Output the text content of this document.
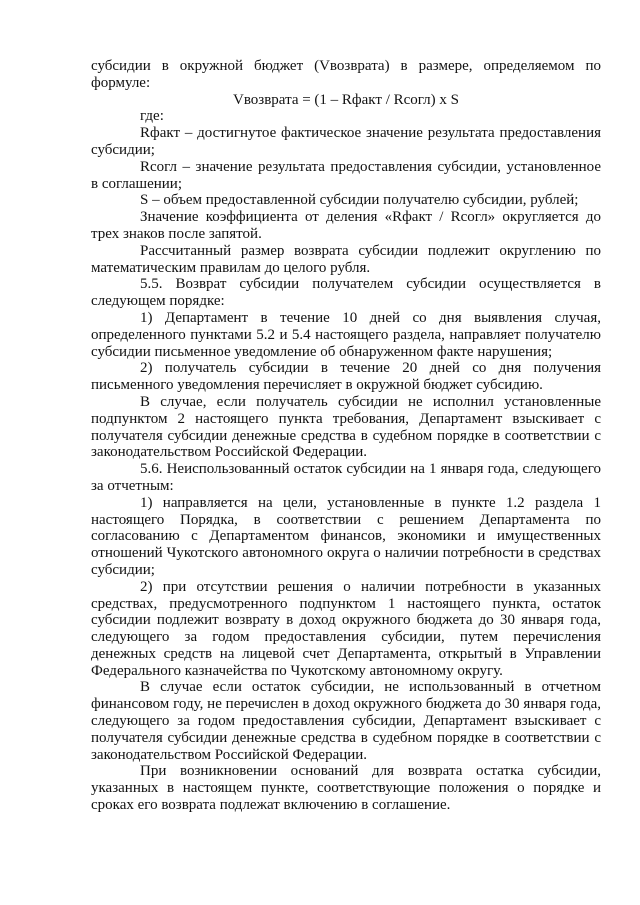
субсидии в окружной бюджет (Vвозврата) в размере, определяемом по формуле:

Vвозврата = (1 – Rфакт / Rсогл) х S

где:

Rфакт – достигнутое фактическое значение результата предоставления субсидии;

Rсогл – значение результата предоставления субсидии, установленное в соглашении;

S – объем предоставленной субсидии получателю субсидии, рублей;

Значение коэффициента от деления «Rфакт / Rсогл» округляется до трех знаков после запятой.

Рассчитанный размер возврата субсидии подлежит округлению по математическим правилам до целого рубля.

5.5. Возврат субсидии получателем субсидии осуществляется в следующем порядке:

1) Департамент в течение 10 дней со дня выявления случая, определенного пунктами 5.2 и 5.4 настоящего раздела, направляет получателю субсидии письменное уведомление об обнаруженном факте нарушения;

2) получатель субсидии в течение 20 дней со дня получения письменного уведомления перечисляет в окружной бюджет субсидию.

В случае, если получатель субсидии не исполнил установленные подпунктом 2 настоящего пункта требования, Департамент взыскивает с получателя субсидии денежные средства в судебном порядке в соответствии с законодательством Российской Федерации.

5.6. Неиспользованный остаток субсидии на 1 января года, следующего за отчетным:

1) направляется на цели, установленные в пункте 1.2 раздела 1 настоящего Порядка, в соответствии с решением Департамента по согласованию с Департаментом финансов, экономики и имущественных отношений Чукотского автономного округа о наличии потребности в средствах субсидии;

2) при отсутствии решения о наличии потребности в указанных средствах, предусмотренного подпунктом 1 настоящего пункта, остаток субсидии подлежит возврату в доход окружного бюджета до 30 января года, следующего за годом предоставления субсидии, путем перечисления денежных средств на лицевой счет Департамента, открытый в Управлении Федерального казначейства по Чукотскому автономному округу.

В случае если остаток субсидии, не использованный в отчетном финансовом году, не перечислен в доход окружного бюджета до 30 января года, следующего за годом предоставления субсидии, Департамент взыскивает с получателя субсидии денежные средства в судебном порядке в соответствии с законодательством Российской Федерации.

При возникновении оснований для возврата остатка субсидии, указанных в настоящем пункте, соответствующие положения о порядке и сроках его возврата подлежат включению в соглашение.
